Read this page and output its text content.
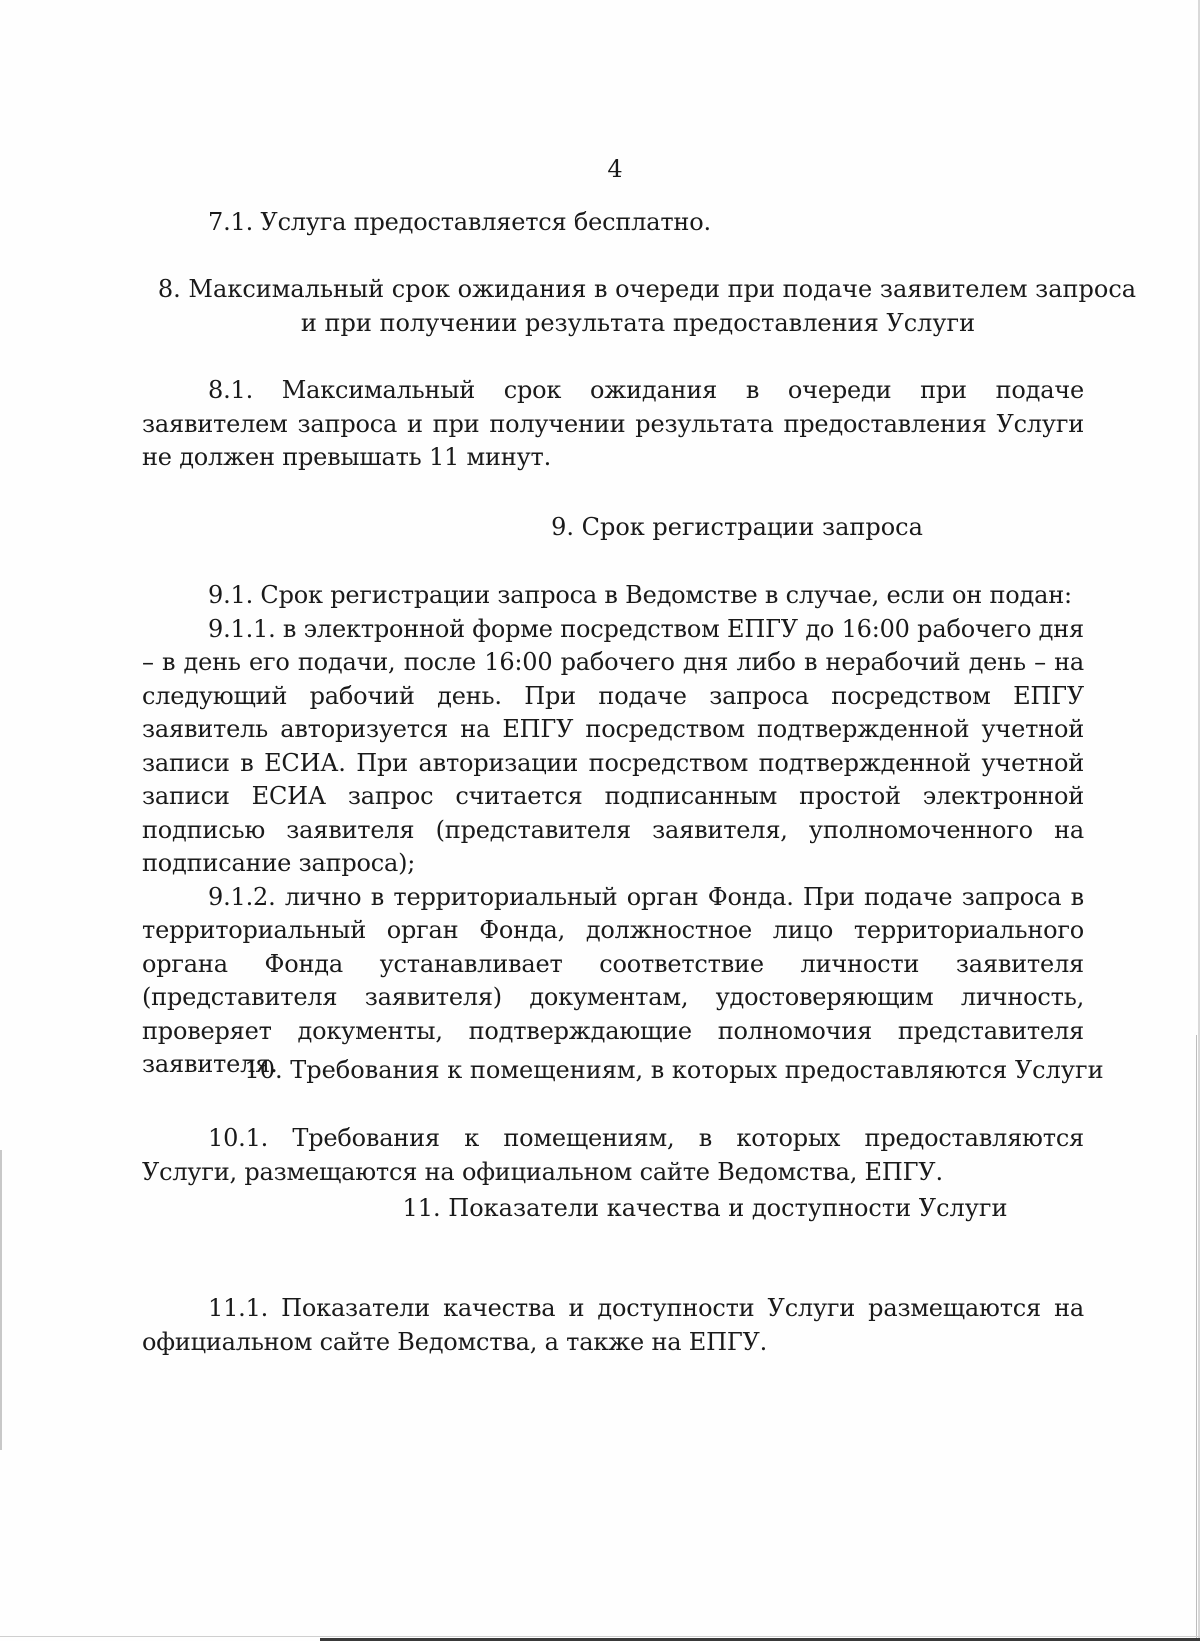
4

7.1. Услуга предоставляется бесплатно.

8. Максимальный срок ожидания в очереди при подаче заявителем запроса
и при получении результата предоставления Услуги

8.1. Максимальный срок ожидания в очереди при подаче заявителем запроса и при получении результата предоставления Услуги не должен превышать 11 минут.

9. Срок регистрации запроса

9.1. Срок регистрации запроса в Ведомстве в случае, если он подан:

9.1.1. в электронной форме посредством ЕПГУ до 16:00 рабочего дня – в день его подачи, после 16:00 рабочего дня либо в нерабочий день – на следующий рабочий день. При подаче запроса посредством ЕПГУ заявитель авторизуется на ЕПГУ посредством подтвержденной учетной записи в ЕСИА. При авторизации посредством подтвержденной учетной записи ЕСИА запрос считается подписанным простой электронной подписью заявителя (представителя заявителя, уполномоченного на подписание запроса);

9.1.2. лично в территориальный орган Фонда. При подаче запроса в территориальный орган Фонда, должностное лицо территориального органа Фонда устанавливает соответствие личности заявителя (представителя заявителя) документам, удостоверяющим личность, проверяет документы, подтверждающие полномочия представителя заявителя.

10. Требования к помещениям, в которых предоставляются Услуги

10.1. Требования к помещениям, в которых предоставляются Услуги, размещаются на официальном сайте Ведомства, ЕПГУ.

11. Показатели качества и доступности Услуги

11.1. Показатели качества и доступности Услуги размещаются на официальном сайте Ведомства, а также на ЕПГУ.
